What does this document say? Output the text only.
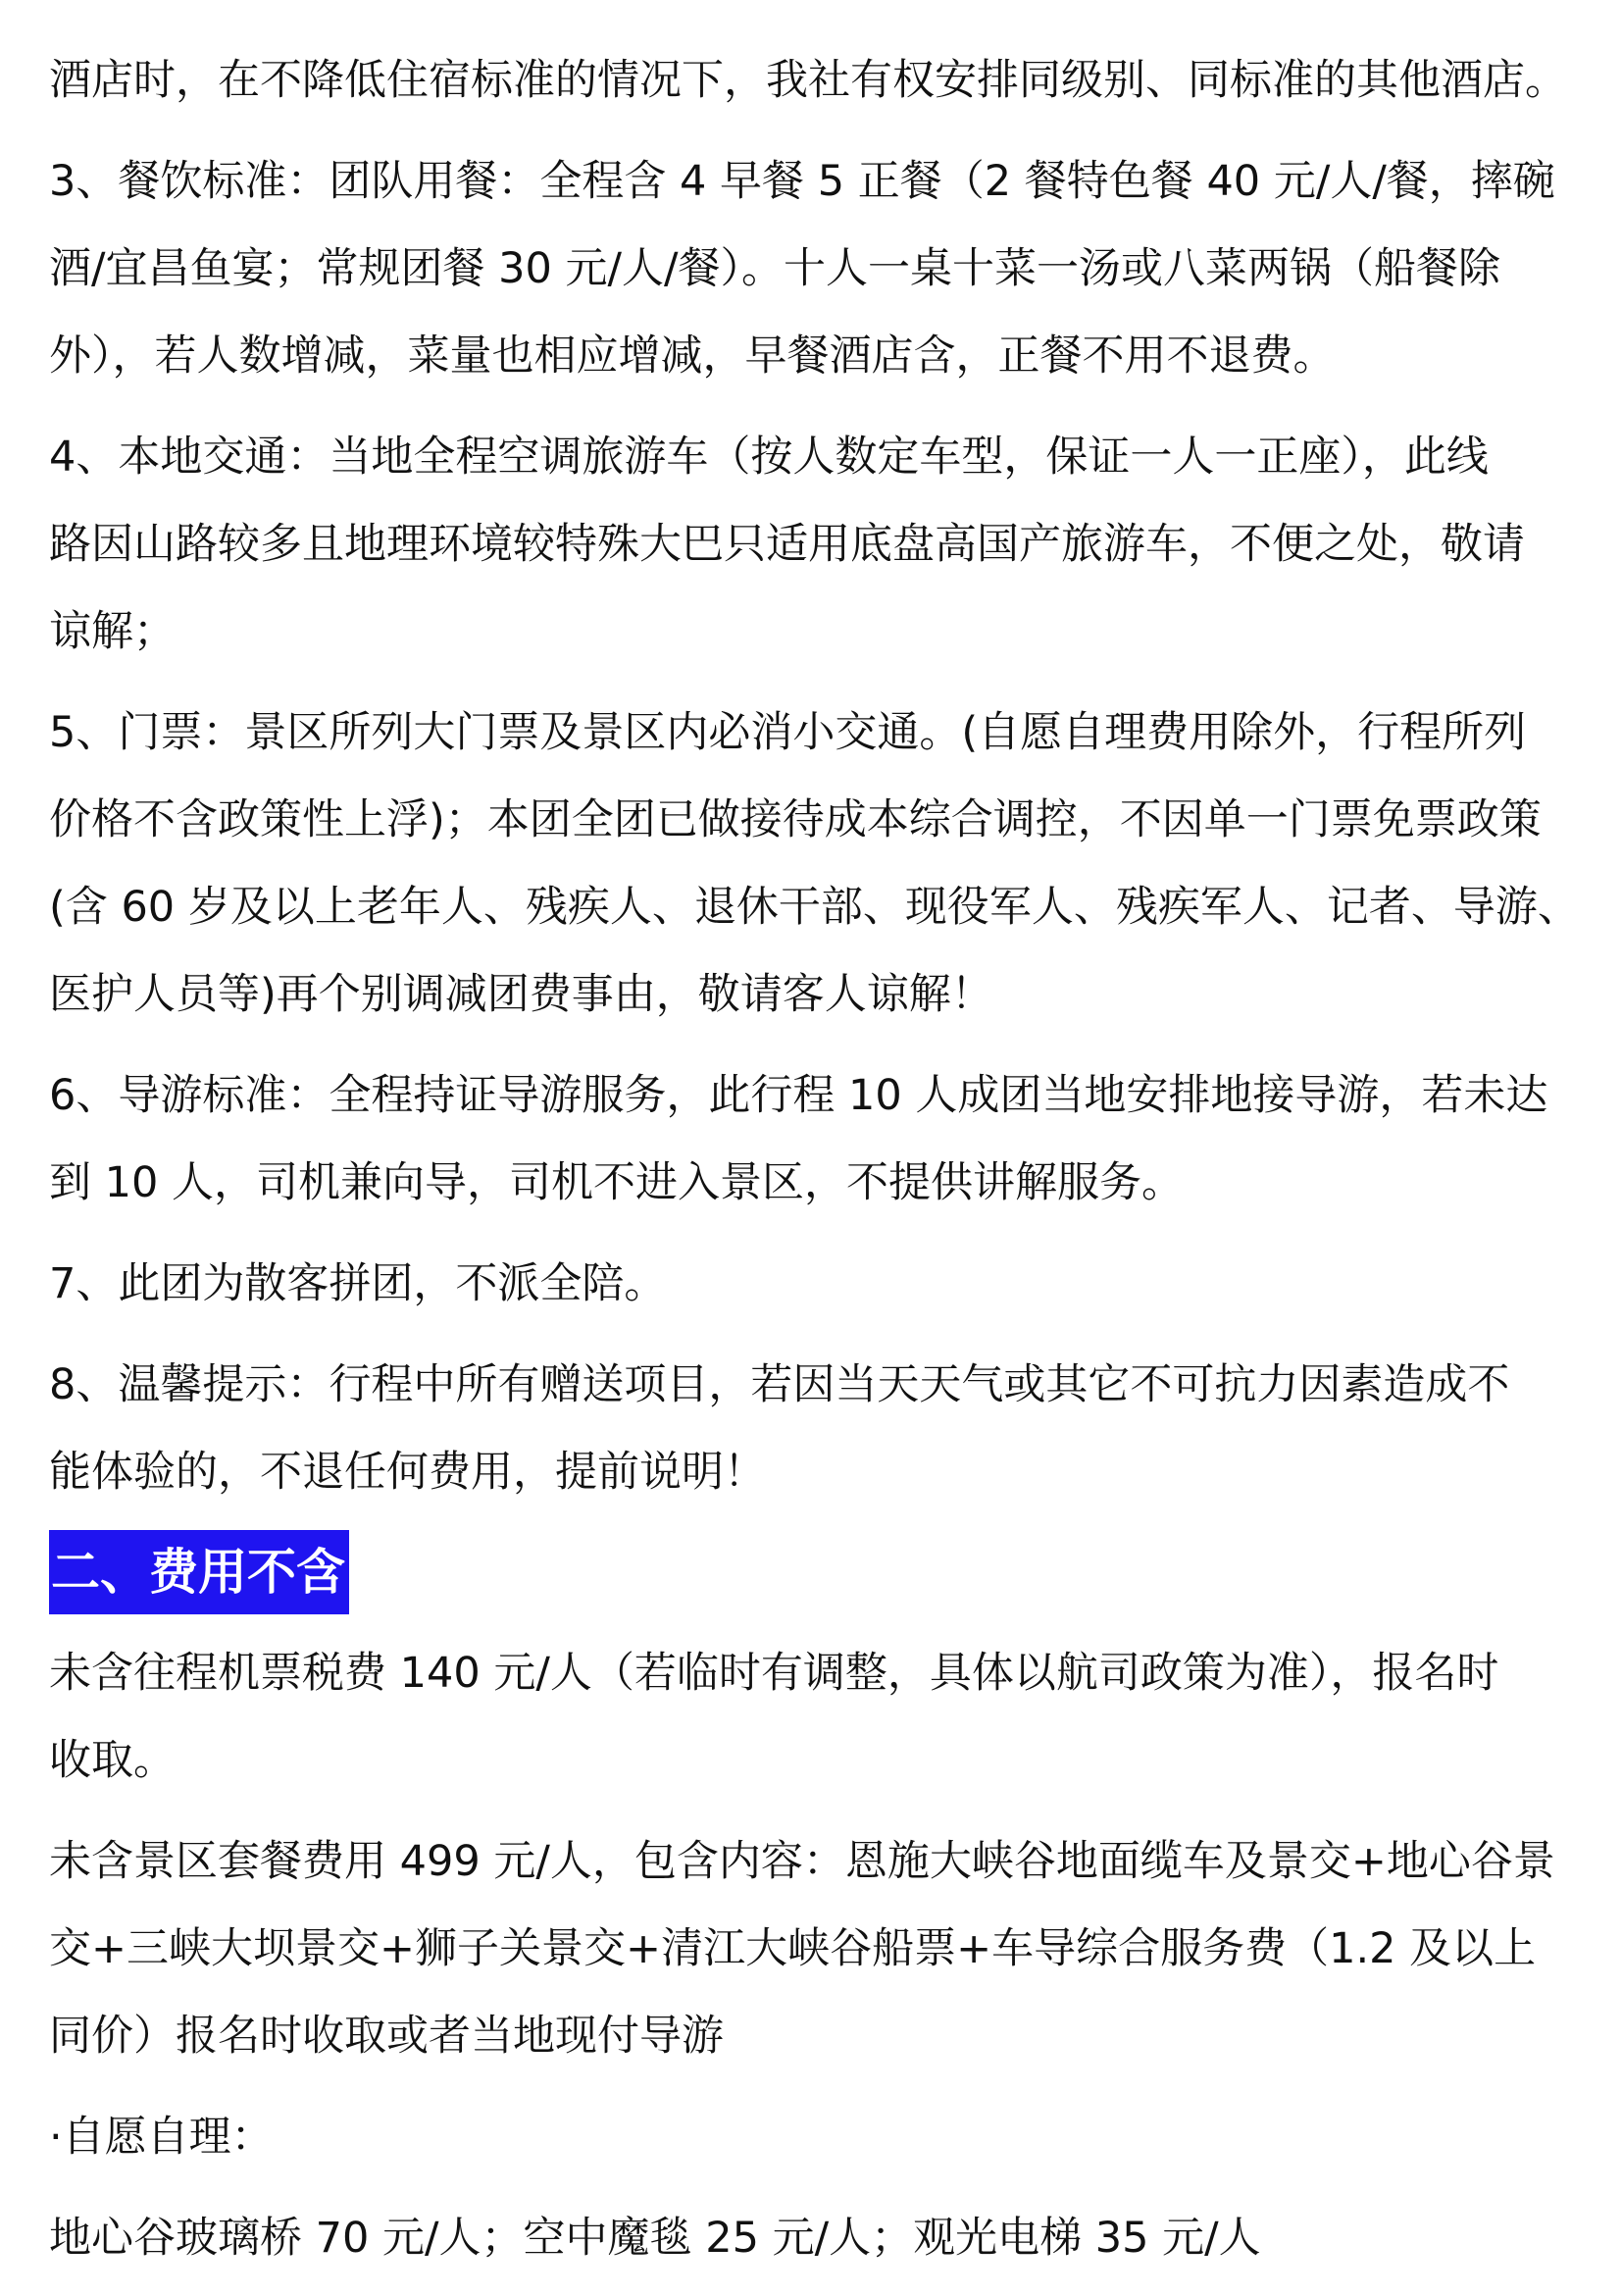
酒店时，在不降低住宿标准的情况下，我社有权安排同级别、同标准的其他酒店。

3、餐饮标准：团队用餐：全程含 4 早餐 5 正餐（2 餐特色餐 40 元/人/餐，摔碗
酒/宜昌鱼宴；常规团餐 30 元/人/餐）。十人一桌十菜一汤或八菜两锅（船餐除
外），若人数增减，菜量也相应增减，早餐酒店含，正餐不用不退费。

4、本地交通：当地全程空调旅游车（按人数定车型，保证一人一正座），此线
路因山路较多且地理环境较特殊大巴只适用底盘高国产旅游车，不便之处，敬请
谅解；

5、门票：景区所列大门票及景区内必消小交通。(自愿自理费用除外，行程所列
价格不含政策性上浮)；本团全团已做接待成本综合调控，不因单一门票免票政策
(含 60 岁及以上老年人、残疾人、退休干部、现役军人、残疾军人、记者、导游、
医护人员等)再个别调减团费事由，敬请客人谅解！

6、导游标准：全程持证导游服务，此行程 10 人成团当地安排地接导游，若未达
到 10 人，司机兼向导，司机不进入景区，不提供讲解服务。

7、此团为散客拼团，不派全陪。

8、温馨提示：行程中所有赠送项目，若因当天天气或其它不可抗力因素造成不
能体验的，不退任何费用，提前说明！

二、费用不含

未含往程机票税费 140 元/人（若临时有调整，具体以航司政策为准），报名时
收取。

未含景区套餐费用 499 元/人，包含内容：恩施大峡谷地面缆车及景交+地心谷景
交+三峡大坝景交+狮子关景交+清江大峡谷船票+车导综合服务费（1.2 及以上
同价）报名时收取或者当地现付导游

·自愿自理：

地心谷玻璃桥 70 元/人；空中魔毯 25 元/人；观光电梯 35 元/人
